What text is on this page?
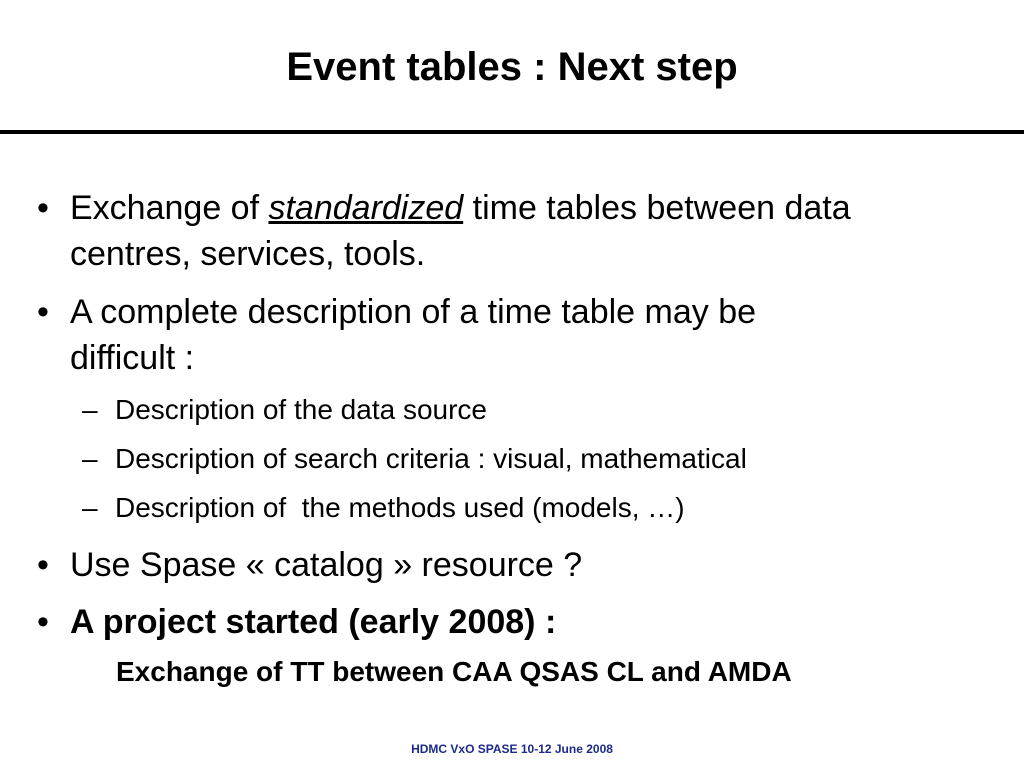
Event tables : Next step
• Exchange of standardized time tables between data
centres, services, tools.
• A complete description of a time table may be
difficult :
– Description of the data source
– Description of search criteria : visual, mathematical
– Description of  the methods used (models, …)
• Use Spase « catalog » resource ?
• A project started (early 2008) :
Exchange of TT between CAA QSAS CL and AMDA
HDMC VxO SPASE 10-12 June 2008
